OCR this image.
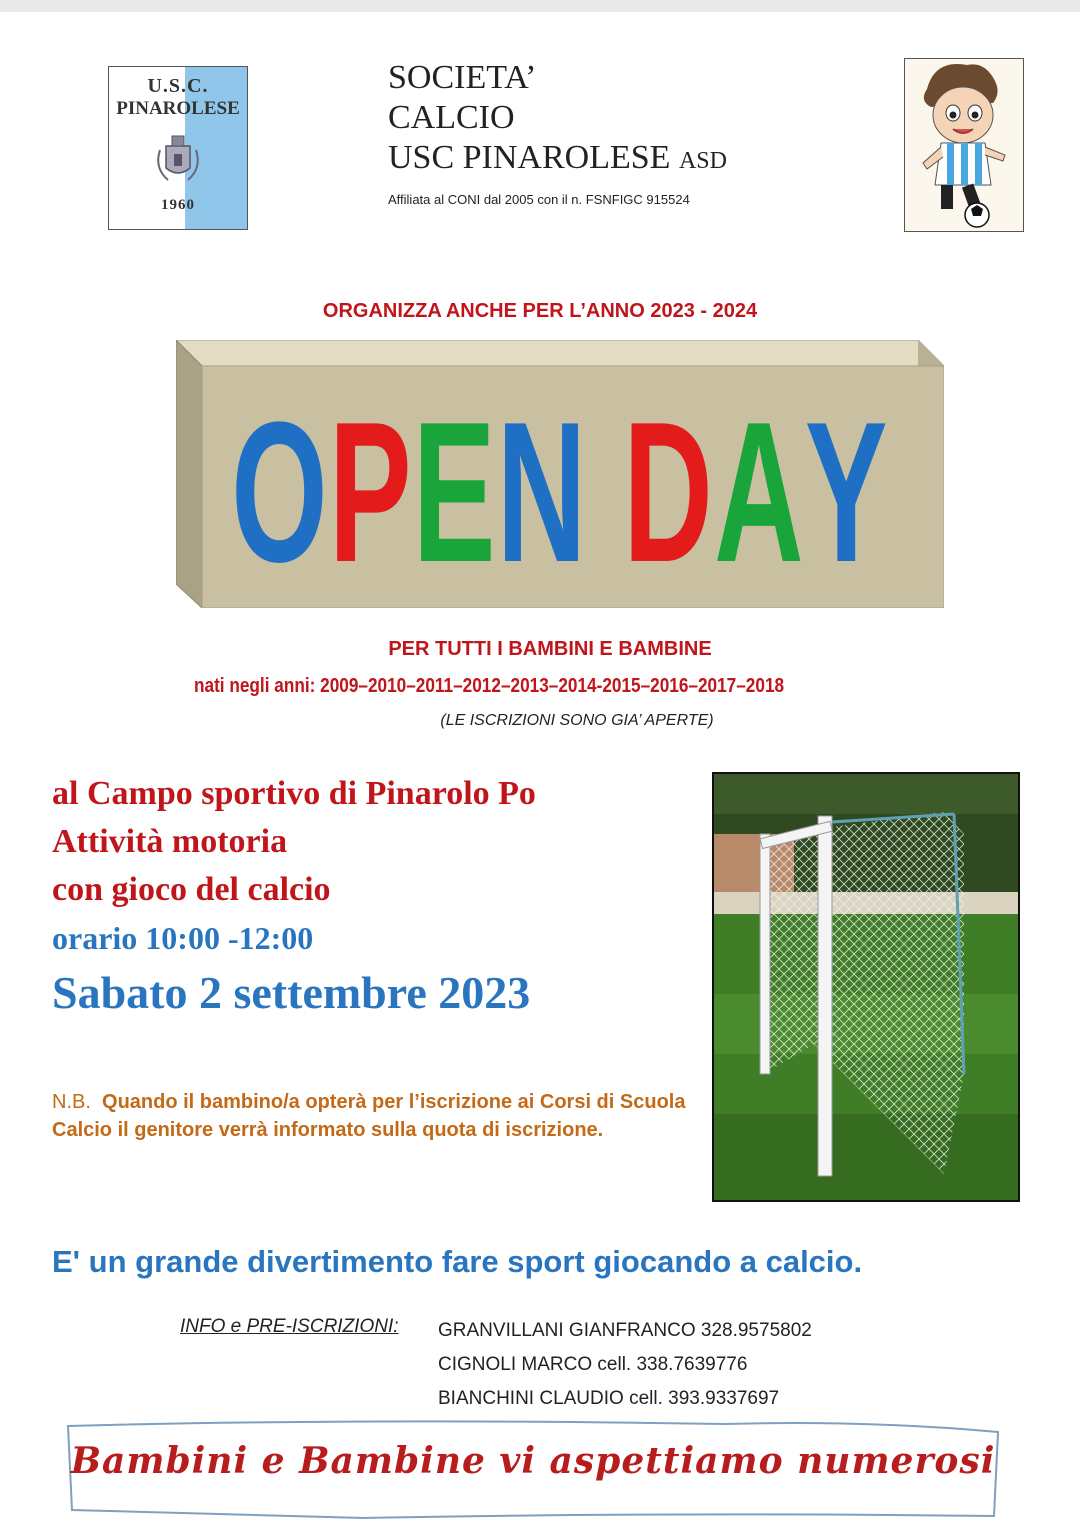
U.S.C.
PINAROLESE
1960
SOCIETA’
CALCIO
USC PINAROLESE ASD
Affiliata al CONI dal 2005 con il n. FSNFIGC 915524
ORGANIZZA ANCHE PER L’ANNO 2023 - 2024
O P E N
D A Y
PER TUTTI I BAMBINI E BAMBINE
nati negli anni: 2009–2010–2011–2012–2013–2014-2015–2016–2017–2018
(LE ISCRIZIONI SONO GIA’ APERTE)
al Campo sportivo di Pinarolo Po
Attività motoria
con gioco del calcio
orario 10:00 -12:00
Sabato 2 settembre 2023
N.B.  Quando il bambino/a opterà per l’iscrizione ai Corsi di Scuola Calcio il genitore verrà informato sulla quota di iscrizione.
E' un grande divertimento fare sport giocando a calcio.
INFO e PRE-ISCRIZIONI: GRANVILLANI GIANFRANCO 328.9575802
CIGNOLI MARCO cell. 338.7639776
BIANCHINI CLAUDIO cell. 393.9337697
Bambini e Bambine vi aspettiamo numerosi
